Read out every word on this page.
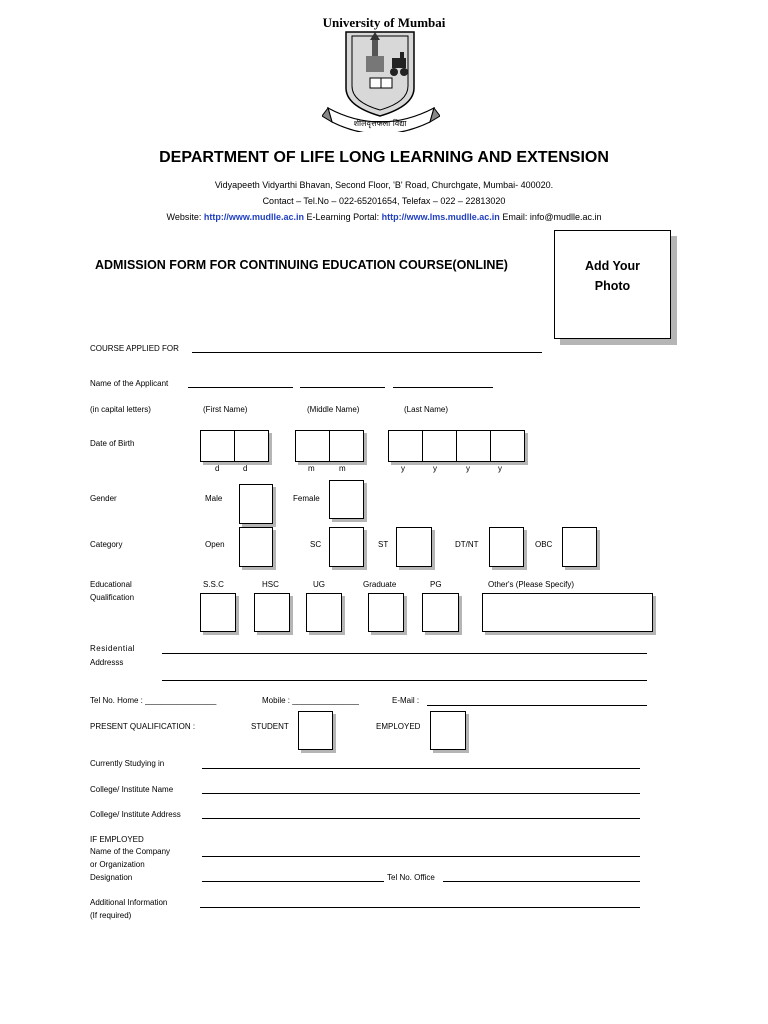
University of Mumbai
शीलवृत्तफला विद्या
DEPARTMENT OF LIFE LONG LEARNING AND EXTENSION
Vidyapeeth Vidyarthi Bhavan, Second Floor, 'B' Road, Churchgate, Mumbai- 400020.
Contact – Tel.No – 022-65201654, Telefax – 022 – 22813020
Website: http://www.mudlle.ac.in E-Learning Portal: http://www.lms.mudlle.ac.in Email: info@mudlle.ac.in
ADMISSION FORM FOR CONTINUING EDUCATION COURSE(ONLINE)	Add Your
Photo
COURSE APPLIED FOR
Name of the Applicant
(in capital letters)	(First Name)	(Middle Name)	(Last Name)
Date of Birth
d	d	m	m	y	y	y	y
Gender	Male	Female
Category	Open	SC	ST	DT/NT	OBC
Educational
Qualification
S.S.C	HSC	UG	Graduate	PG	Other's (Please Specify)
Residential
Addresss
Tel No. Home : ________________	Mobile : _______________	E-Mail :
PRESENT QUALIFICATION :	STUDENT	EMPLOYED
Currently Studying in
College/ Institute Name
College/ Institute Address
IF EMPLOYED
Name of the Company
or Organization
Designation	Tel No. Office
Additional Information
(If required)
